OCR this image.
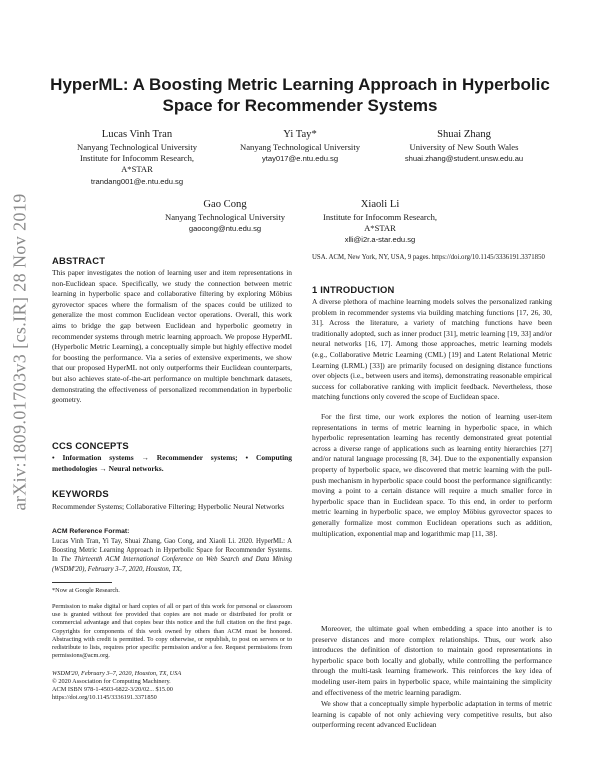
arXiv:1809.01703v3 [cs.IR] 28 Nov 2019
HyperML: A Boosting Metric Learning Approach in Hyperbolic Space for Recommender Systems
Lucas Vinh Tran
Nanyang Technological University
Institute for Infocomm Research,
A*STAR
trandang001@e.ntu.edu.sg
Yi Tay*
Nanyang Technological University
ytay017@e.ntu.edu.sg
Shuai Zhang
University of New South Wales
shuai.zhang@student.unsw.edu.au
Gao Cong
Nanyang Technological University
gaocong@ntu.edu.sg
Xiaoli Li
Institute for Infocomm Research,
A*STAR
xlli@i2r.a-star.edu.sg
ABSTRACT

This paper investigates the notion of learning user and item representations in non-Euclidean space. Specifically, we study the connection between metric learning in hyperbolic space and collaborative filtering by exploring Möbius gyrovector spaces where the formalism of the spaces could be utilized to generalize the most common Euclidean vector operations. Overall, this work aims to bridge the gap between Euclidean and hyperbolic geometry in recommender systems through metric learning approach. We propose HyperML (Hyperbolic Metric Learning), a conceptually simple but highly effective model for boosting the performance. Via a series of extensive experiments, we show that our proposed HyperML not only outperforms their Euclidean counterparts, but also achieves state-of-the-art performance on multiple benchmark datasets, demonstrating the effectiveness of personalized recommendation in hyperbolic geometry.

CCS CONCEPTS

• Information systems → Recommender systems; • Computing methodologies → Neural networks.

KEYWORDS

Recommender Systems; Collaborative Filtering; Hyperbolic Neural Networks

ACM Reference Format:

Lucas Vinh Tran, Yi Tay, Shuai Zhang, Gao Cong, and Xiaoli Li. 2020. HyperML: A Boosting Metric Learning Approach in Hyperbolic Space for Recommender Systems. In The Thirteenth ACM International Conference on Web Search and Data Mining (WSDM'20), February 3–7, 2020, Houston, TX,

*Now at Google Research.

Permission to make digital or hard copies of all or part of this work for personal or classroom use is granted without fee provided that copies are not made or distributed for profit or commercial advantage and that copies bear this notice and the full citation on the first page. Copyrights for components of this work owned by others than ACM must be honored. Abstracting with credit is permitted. To copy otherwise, or republish, to post on servers or to redistribute to lists, requires prior specific permission and/or a fee. Request permissions from permissions@acm.org.

WSDM'20, February 3–7, 2020, Houston, TX, USA

© 2020 Association for Computing Machinery.

ACM ISBN 978-1-4503-6822-3/20/02... $15.00

https://doi.org/10.1145/3336191.3371850

USA. ACM, New York, NY, USA, 9 pages. https://doi.org/10.1145/3336191.3371850

1 INTRODUCTION

A diverse plethora of machine learning models solves the personalized ranking problem in recommender systems via building matching functions [17, 26, 30, 31]. Across the literature, a variety of matching functions have been traditionally adopted, such as inner product [31], metric learning [19, 33] and/or neural networks [16, 17]. Among those approaches, metric learning models (e.g., Collaborative Metric Learning (CML) [19] and Latent Relational Metric Learning (LRML) [33]) are primarily focused on designing distance functions over objects (i.e., between users and items), demonstrating reasonable empirical success for collaborative ranking with implicit feedback. Nevertheless, those matching functions only covered the scope of Euclidean space.

For the first time, our work explores the notion of learning user-item representations in terms of metric learning in hyperbolic space, in which hyperbolic representation learning has recently demonstrated great potential across a diverse range of applications such as learning entity hierarchies [27] and/or natural language processing [8, 34]. Due to the exponentially expansion property of hyperbolic space, we discovered that metric learning with the pull-push mechanism in hyperbolic space could boost the performance significantly: moving a point to a certain distance will require a much smaller force in hyperbolic space than in Euclidean space. To this end, in order to perform metric learning in hyperbolic space, we employ Möbius gyrovector spaces to generally formalize most common Euclidean operations such as addition, multiplication, exponential map and logarithmic map [11, 38].

Moreover, the ultimate goal when embedding a space into another is to preserve distances and more complex relationships. Thus, our work also introduces the definition of distortion to maintain good representations in hyperbolic space both locally and globally, while controlling the performance through the multi-task learning framework. This reinforces the key idea of modeling user-item pairs in hyperbolic space, while maintaining the simplicity and effectiveness of the metric learning paradigm.

We show that a conceptually simple hyperbolic adaptation in terms of metric learning is capable of not only achieving very competitive results, but also outperforming recent advanced Euclidean
